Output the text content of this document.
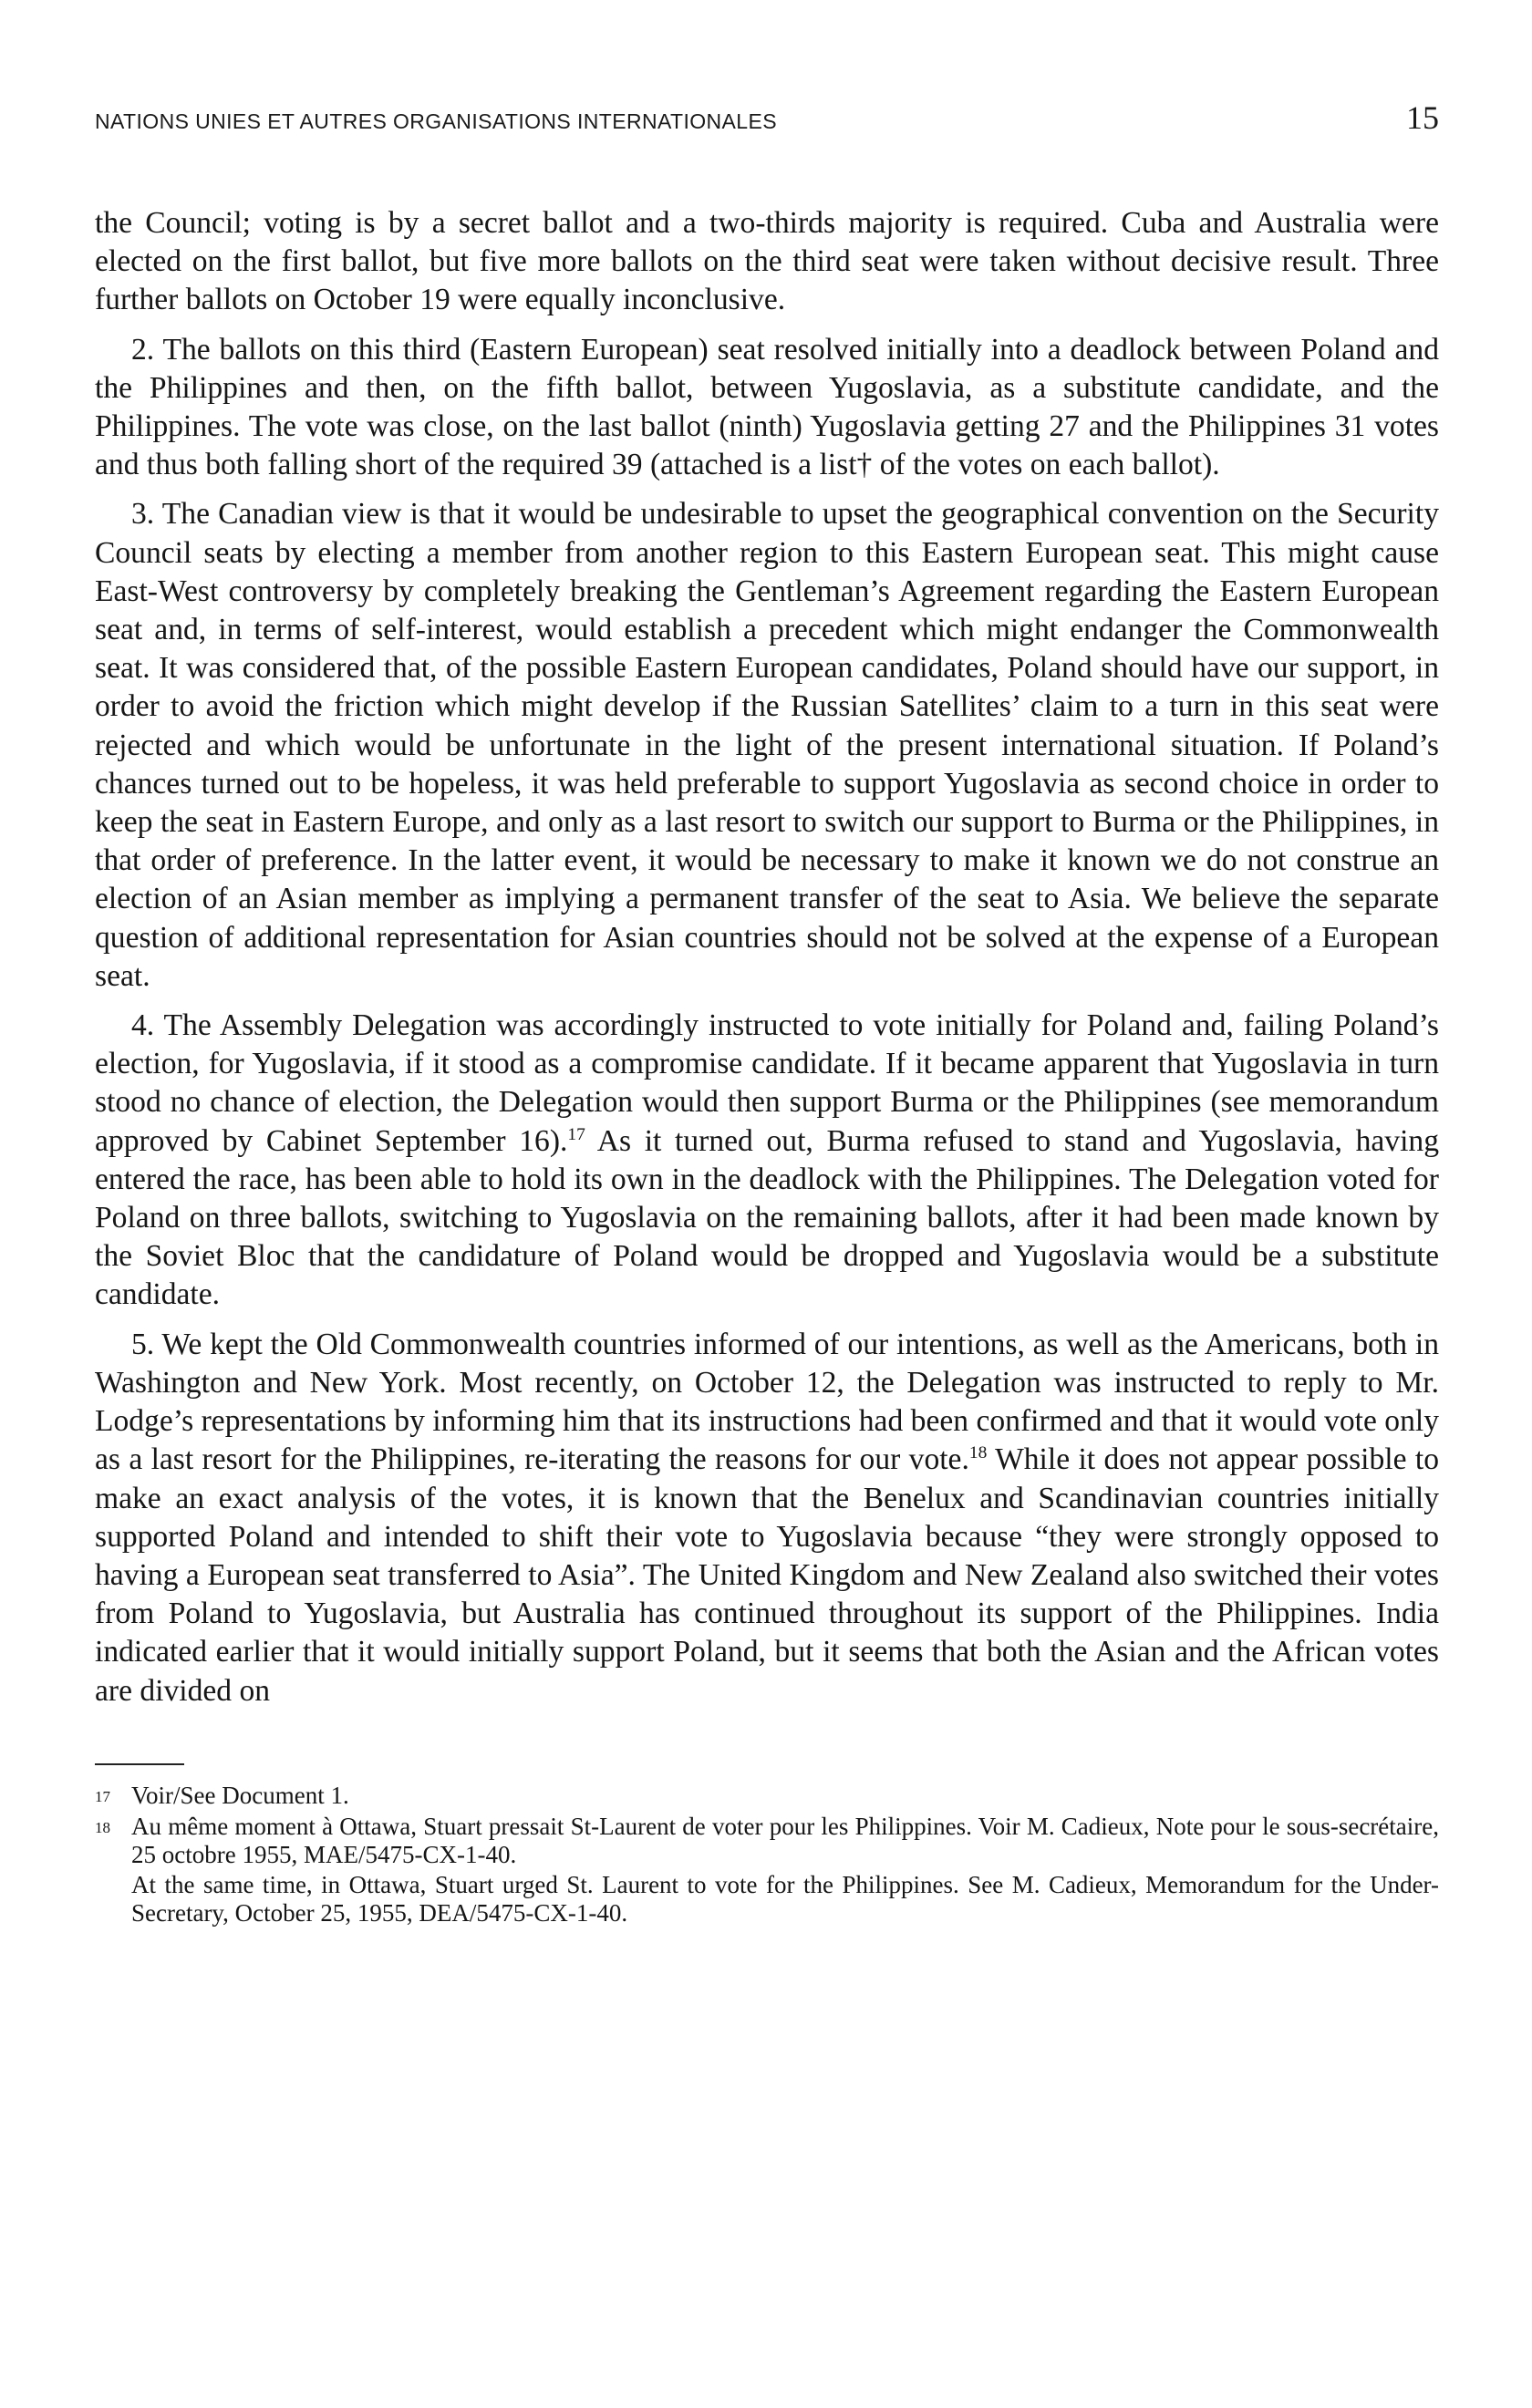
NATIONS UNIES ET AUTRES ORGANISATIONS INTERNATIONALES	15

the Council; voting is by a secret ballot and a two-thirds majority is required. Cuba and Australia were elected on the first ballot, but five more ballots on the third seat were taken without decisive result. Three further ballots on October 19 were equally inconclusive.

2. The ballots on this third (Eastern European) seat resolved initially into a deadlock between Poland and the Philippines and then, on the fifth ballot, between Yugoslavia, as a substitute candidate, and the Philippines. The vote was close, on the last ballot (ninth) Yugoslavia getting 27 and the Philippines 31 votes and thus both falling short of the required 39 (attached is a list† of the votes on each ballot).

3. The Canadian view is that it would be undesirable to upset the geographical convention on the Security Council seats by electing a member from another region to this Eastern European seat. This might cause East-West controversy by completely breaking the Gentleman’s Agreement regarding the Eastern European seat and, in terms of self-interest, would establish a precedent which might endanger the Commonwealth seat. It was considered that, of the possible Eastern European candidates, Poland should have our support, in order to avoid the friction which might develop if the Russian Satellites’ claim to a turn in this seat were rejected and which would be unfortunate in the light of the present international situation. If Poland’s chances turned out to be hopeless, it was held preferable to support Yugoslavia as second choice in order to keep the seat in Eastern Europe, and only as a last resort to switch our support to Burma or the Philippines, in that order of preference. In the latter event, it would be necessary to make it known we do not construe an election of an Asian member as implying a permanent transfer of the seat to Asia. We believe the separate question of additional representation for Asian countries should not be solved at the expense of a European seat.

4. The Assembly Delegation was accordingly instructed to vote initially for Poland and, failing Poland’s election, for Yugoslavia, if it stood as a compromise candidate. If it became apparent that Yugoslavia in turn stood no chance of election, the Delegation would then support Burma or the Philippines (see memorandum approved by Cabinet September 16).$^{17}$ As it turned out, Burma refused to stand and Yugoslavia, having entered the race, has been able to hold its own in the deadlock with the Philippines. The Delegation voted for Poland on three ballots, switching to Yugoslavia on the remaining ballots, after it had been made known by the Soviet Bloc that the candidature of Poland would be dropped and Yugoslavia would be a substitute candidate.

5. We kept the Old Commonwealth countries informed of our intentions, as well as the Americans, both in Washington and New York. Most recently, on October 12, the Delegation was instructed to reply to Mr. Lodge’s representations by informing him that its instructions had been confirmed and that it would vote only as a last resort for the Philippines, re-iterating the reasons for our vote.$^{18}$ While it does not appear possible to make an exact analysis of the votes, it is known that the Benelux and Scandinavian countries initially supported Poland and intended to shift their vote to Yugoslavia because “they were strongly opposed to having a European seat transferred to Asia”. The United Kingdom and New Zealand also switched their votes from Poland to Yugoslavia, but Australia has continued throughout its support of the Philippines. India indicated earlier that it would initially support Poland, but it seems that both the Asian and the African votes are divided on

17 Voir/See Document 1.
18 Au même moment à Ottawa, Stuart pressait St-Laurent de voter pour les Philippines. Voir M. Cadieux, Note pour le sous-secrétaire, 25 octobre 1955, MAE/5475-CX-1-40.
At the same time, in Ottawa, Stuart urged St. Laurent to vote for the Philippines. See M. Cadieux, Memorandum for the Under-Secretary, October 25, 1955, DEA/5475-CX-1-40.
